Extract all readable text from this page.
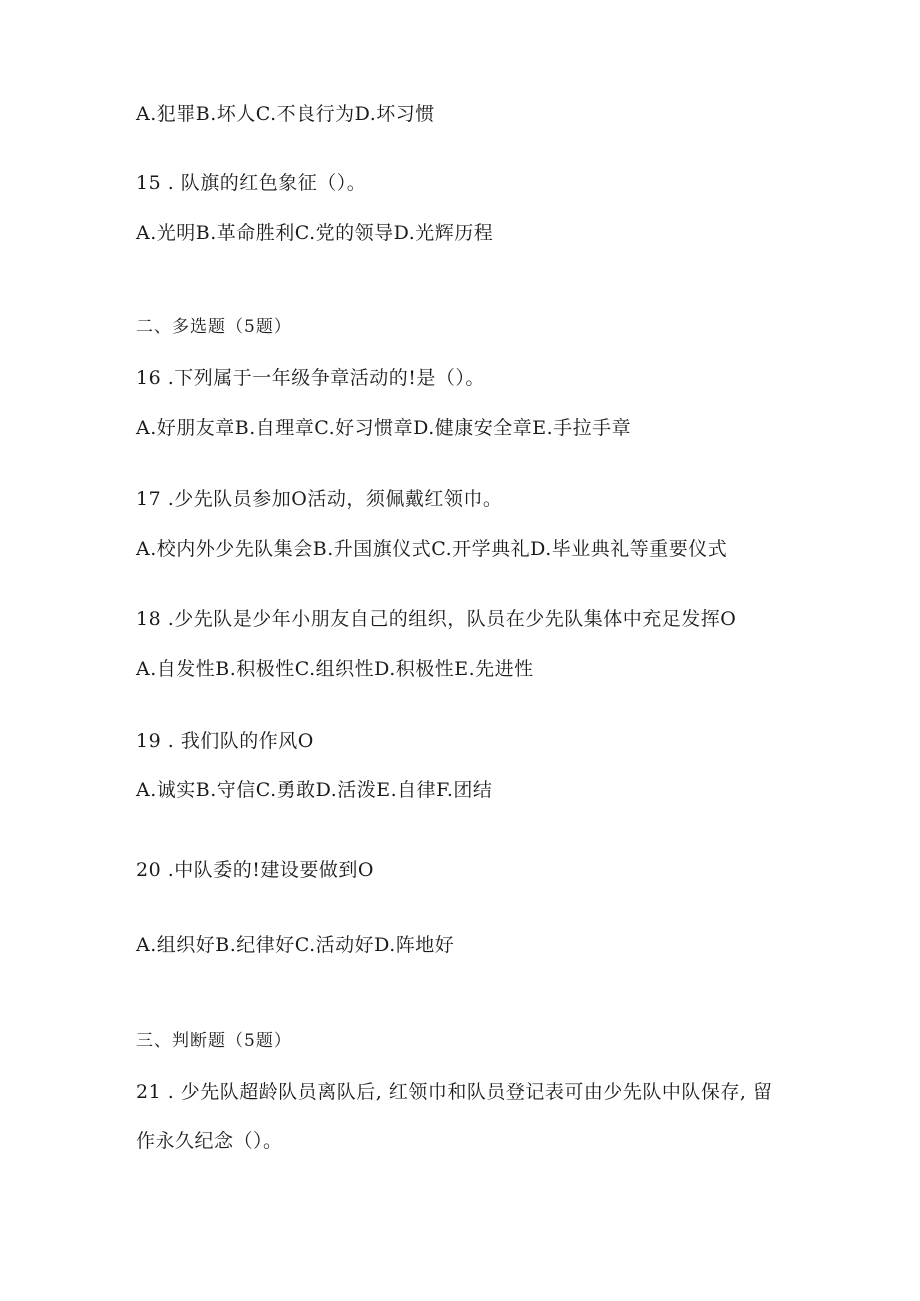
A.犯罪B.坏人C.不良行为D.坏习惯
15 . 队旗的红色象征（）。
A.光明B.革命胜利C.党的领导D.光辉历程
二、多选题（5题）
16 .下列属于一年级争章活动的!是（）。
A.好朋友章B.自理章C.好习惯章D.健康安全章E.手拉手章
17 .少先队员参加O活动，须佩戴红领巾。
A.校内外少先队集会B.升国旗仪式C.开学典礼D.毕业典礼等重要仪式
18 .少先队是少年小朋友自己的组织，队员在少先队集体中充足发挥O
A.自发性B.积极性C.组织性D.积极性E.先进性
19 . 我们队的作风O
A.诚实B.守信C.勇敢D.活泼E.自律F.团结
20 .中队委的!建设要做到O
A.组织好B.纪律好C.活动好D.阵地好
三、判断题（5题）
21 . 少先队超龄队员离队后, 红领巾和队员登记表可由少先队中队保存, 留
作永久纪念（）。
